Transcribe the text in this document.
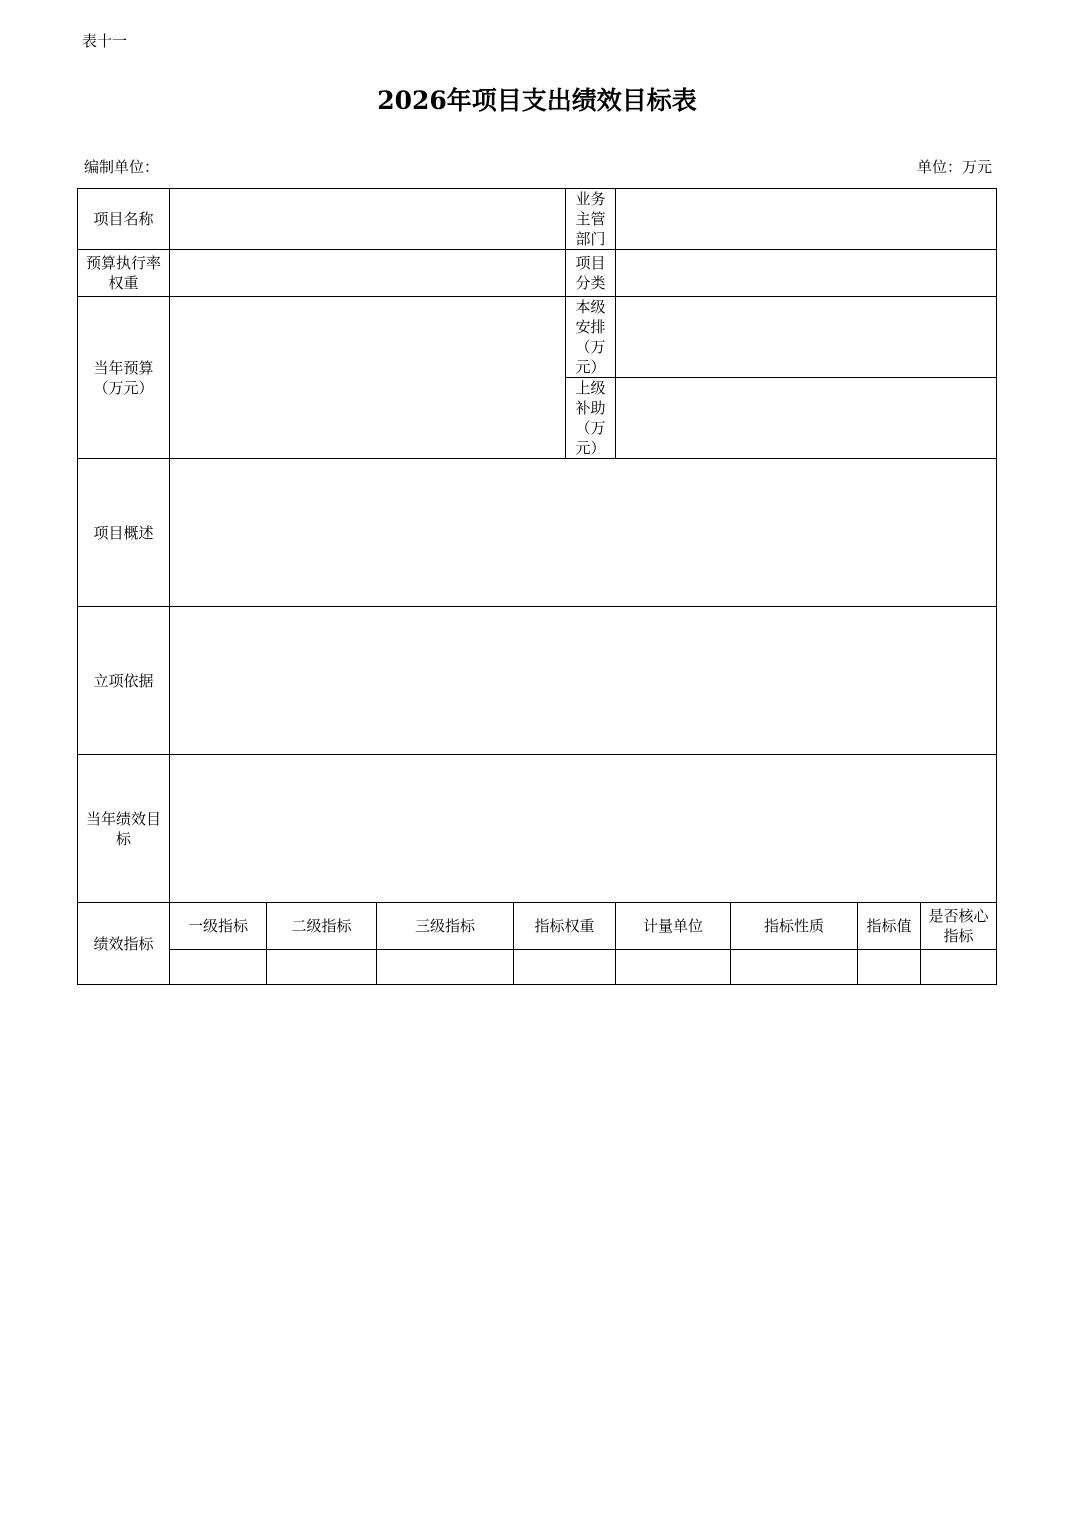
表十一
2026年项目支出绩效目标表
编制单位：	单位：万元
项目名称					业务主管部门				
预算执行率权重					项目分类				
当年预算（万元）					本级安排（万元）				
					上级补助（万元）				
项目概述									
立项依据									
当年绩效目标									
绩效指标	一级指标	二级指标	三级指标	指标权重		计量单位	指标性质	指标值	是否核心指标
